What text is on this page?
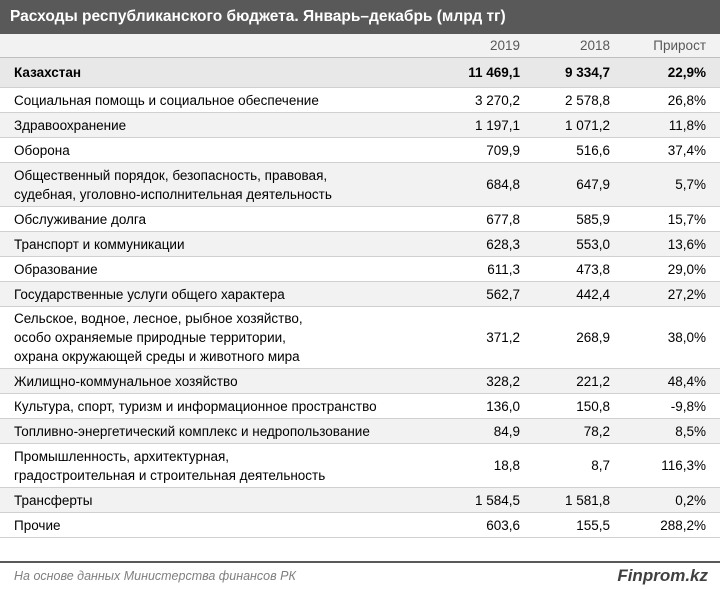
Расходы республиканского бюджета. Январь–декабрь (млрд тг)
2019	2018	Прирост
Казахстан	11 469,1	9 334,7	22,9%
Социальная помощь и социальное обеспечение	3 270,2	2 578,8	26,8%
Здравоохранение	1 197,1	1 071,2	11,8%
Оборона	709,9	516,6	37,4%
Общественный порядок, безопасность, правовая,
судебная, уголовно-исполнительная деятельность
684,8	647,9	5,7%
Обслуживание долга	677,8	585,9	15,7%
Транспорт и коммуникации	628,3	553,0	13,6%
Образование	611,3	473,8	29,0%
Государственные услуги общего характера	562,7	442,4	27,2%
Сельское, водное, лесное, рыбное хозяйство,
особо охраняемые природные территории,
охрана окружающей среды и животного мира
371,2	268,9	38,0%
Жилищно-коммунальное хозяйство	328,2	221,2	48,4%
Культура, спорт, туризм и информационное пространство	136,0	150,8	-9,8%
Топливно-энергетический комплекс и недропользование	84,9	78,2	8,5%
Промышленность, архитектурная,
градостроительная и строительная деятельность
18,8	8,7	116,3%
Трансферты	1 584,5	1 581,8	0,2%
Прочие	603,6	155,5	288,2%
На основе данных Министерства финансов РК	Finprom.kz
